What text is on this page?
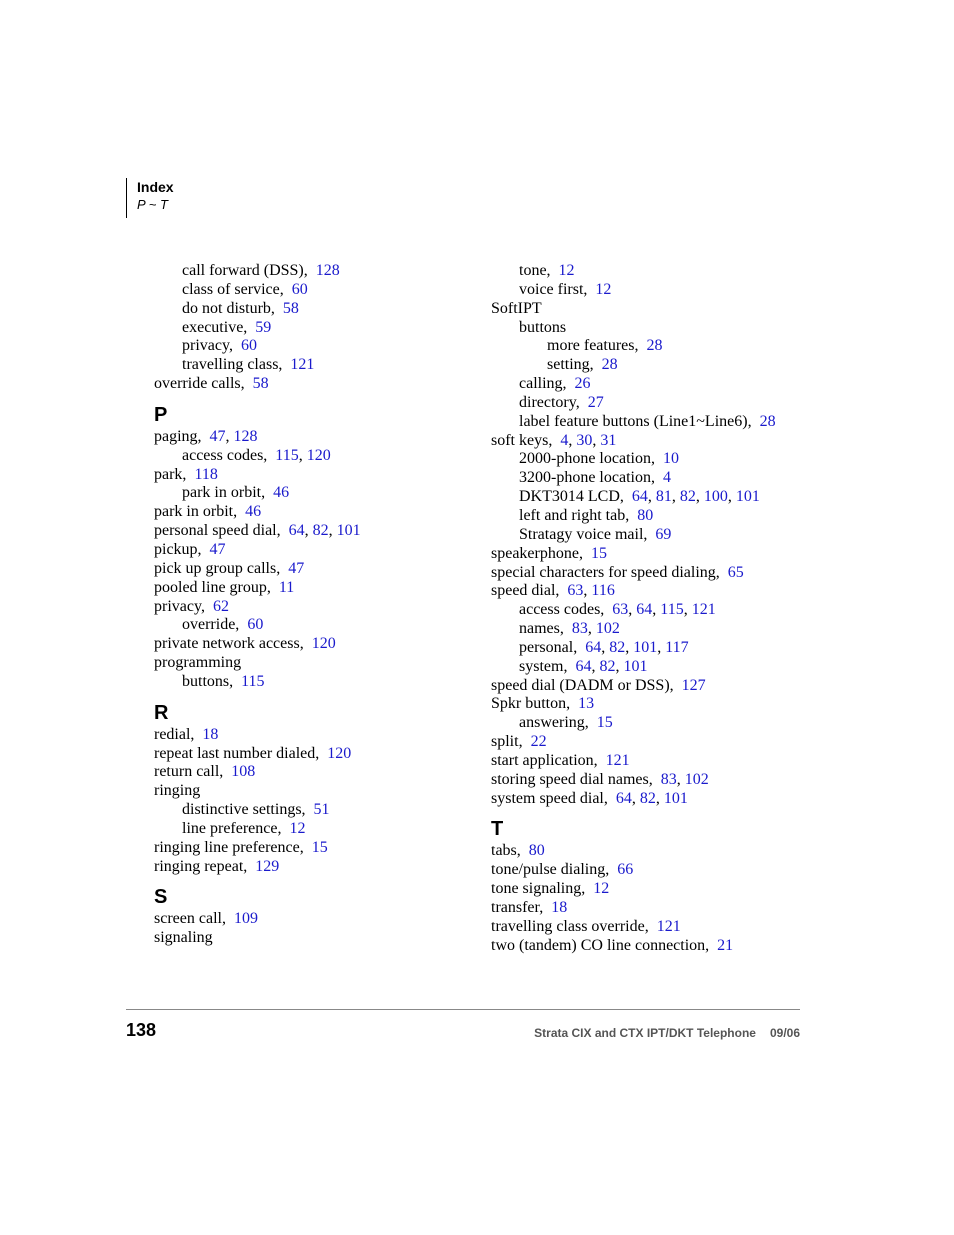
Index
P ~ T
call forward (DSS), 128
class of service, 60
do not disturb, 58
executive, 59
privacy, 60
travelling class, 121
override calls, 58
P
paging, 47, 128
access codes, 115, 120
park, 118
park in orbit, 46
park in orbit, 46
personal speed dial, 64, 82, 101
pickup, 47
pick up group calls, 47
pooled line group, 11
privacy, 62
override, 60
private network access, 120
programming
buttons, 115
R
redial, 18
repeat last number dialed, 120
return call, 108
ringing
distinctive settings, 51
line preference, 12
ringing line preference, 15
ringing repeat, 129
S
screen call, 109
signaling
tone, 12
voice first, 12
SoftIPT
buttons
more features, 28
setting, 28
calling, 26
directory, 27
label feature buttons (Line1~Line6), 28
soft keys, 4, 30, 31
2000-phone location, 10
3200-phone location, 4
DKT3014 LCD, 64, 81, 82, 100, 101
left and right tab, 80
Stratagy voice mail, 69
speakerphone, 15
special characters for speed dialing, 65
speed dial, 63, 116
access codes, 63, 64, 115, 121
names, 83, 102
personal, 64, 82, 101, 117
system, 64, 82, 101
speed dial (DADM or DSS), 127
Spkr button, 13
answering, 15
split, 22
start application, 121
storing speed dial names, 83, 102
system speed dial, 64, 82, 101
T
tabs, 80
tone/pulse dialing, 66
tone signaling, 12
transfer, 18
travelling class override, 121
two (tandem) CO line connection, 21
138	Strata CIX and CTX IPT/DKT Telephone 09/06
